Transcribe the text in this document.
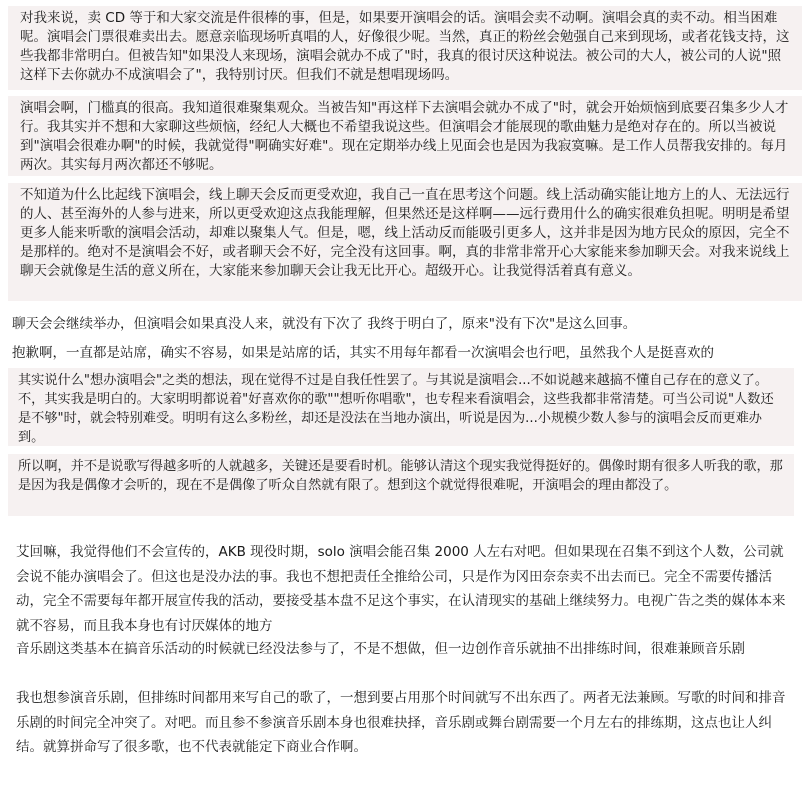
对我来说，卖 CD 等于和大家交流是件很棒的事，但是，如果要开演唱会的话。演唱会卖不动啊。演唱会真的卖不动。相当困难呢。演唱会门票很难卖出去。愿意亲临现场听真唱的人，好像很少呢。当然，真正的粉丝会勉强自己来到现场，或者花钱支持，这些我都非常明白。但被告知"如果没人来现场，演唱会就办不成了"时，我真的很讨厌这种说法。被公司的大人，被公司的人说"照这样下去你就办不成演唱会了"，我特别讨厌。但我们不就是想唱现场吗。
演唱会啊，门槛真的很高。我知道很难聚集观众。当被告知"再这样下去演唱会就办不成了"时，就会开始烦恼到底要召集多少人才行。我其实并不想和大家聊这些烦恼，经纪人大概也不希望我说这些。但演唱会才能展现的歌曲魅力是绝对存在的。所以当被说到"演唱会很难办啊"的时候，我就觉得"啊确实好难"。现在定期举办线上见面会也是因为我寂寞嘛。是工作人员帮我安排的。每月两次。其实每月两次都还不够呢。
不知道为什么比起线下演唱会，线上聊天会反而更受欢迎，我自己一直在思考这个问题。线上活动确实能让地方上的人、无法远行的人、甚至海外的人参与进来，所以更受欢迎这点我能理解，但果然还是这样啊——远行费用什么的确实很难负担呢。明明是希望更多人能来听歌的演唱会活动，却难以聚集人气。但是，嗯，线上活动反而能吸引更多人，这并非是因为地方民众的原因，完全不是那样的。绝对不是演唱会不好，或者聊天会不好，完全没有这回事。啊，真的非常非常开心大家能来参加聊天会。对我来说线上聊天会就像是生活的意义所在，大家能来参加聊天会让我无比开心。超级开心。让我觉得活着真有意义。
聊天会会继续举办，但演唱会如果真没人来，就没有下次了 我终于明白了，原来"没有下次"是这么回事。
抱歉啊，一直都是站席，确实不容易，如果是站席的话，其实不用每年都看一次演唱会也行吧，虽然我个人是挺喜欢的
其实说什么"想办演唱会"之类的想法，现在觉得不过是自我任性罢了。与其说是演唱会...不如说越来越搞不懂自己存在的意义了。不，其实我是明白的。大家明明都说着"好喜欢你的歌""想听你唱歌"，也专程来看演唱会，这些我都非常清楚。可当公司说"人数还是不够"时，就会特别难受。明明有这么多粉丝，却还是没法在当地办演出，听说是因为...小规模少数人参与的演唱会反而更难办到。
所以啊，并不是说歌写得越多听的人就越多，关键还是要看时机。能够认清这个现实我觉得挺好的。偶像时期有很多人听我的歌，那是因为我是偶像才会听的，现在不是偶像了听众自然就有限了。想到这个就觉得很难呢，开演唱会的理由都没了。
艾回嘛，我觉得他们不会宣传的，AKB 现役时期，solo 演唱会能召集 2000 人左右对吧。但如果现在召集不到这个人数，公司就会说不能办演唱会了。但这也是没办法的事。我也不想把责任全推给公司，只是作为冈田奈奈卖不出去而已。完全不需要传播活动，完全不需要每年都开展宣传我的活动，要接受基本盘不足这个事实，在认清现实的基础上继续努力。电视广告之类的媒体本来就不容易，而且我本身也有讨厌媒体的地方
音乐剧这类基本在搞音乐活动的时候就已经没法参与了，不是不想做，但一边创作音乐就抽不出排练时间，很难兼顾音乐剧
我也想参演音乐剧，但排练时间都用来写自己的歌了，一想到要占用那个时间就写不出东西了。两者无法兼顾。写歌的时间和排音乐剧的时间完全冲突了。对吧。而且参不参演音乐剧本身也很难抉择，音乐剧或舞台剧需要一个月左右的排练期，这点也让人纠结。就算拼命写了很多歌，也不代表就能定下商业合作啊。
